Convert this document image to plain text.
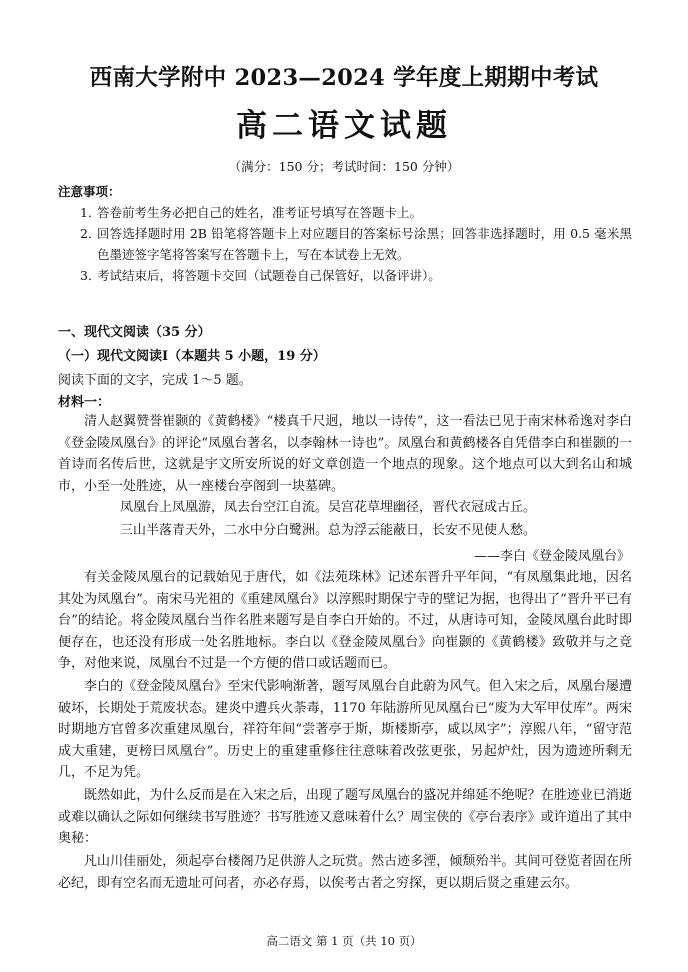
西南大学附中 2023—2024 学年度上期期中考试
高二语文试题
（满分：150 分；考试时间：150 分钟）
注意事项：
1．
答卷前考生务必把自己的姓名，准考证号填写在答题卡上。
2．
回答选择题时用 2B 铅笔将答题卡上对应题目的答案标号涂黑；回答非选择题时，用 0.5 毫米黑色墨迹签字笔将答案写在答题卡上，写在本试卷上无效。
3．
考试结束后，将答题卡交回（试题卷自己保管好，以备评讲）。
一、现代文阅读（35 分）
（一）现代文阅读Ⅰ（本题共 5 小题，19 分）
阅读下面的文字，完成 1～5 题。
材料一：

清人赵翼赞誉崔颢的《黄鹤楼》“楼真千尺迥，地以一诗传”，这一看法已见于南宋林希逸对李白《登金陵凤凰台》的评论“凤凰台著名，以李翰林一诗也”。凤凰台和黄鹤楼各自凭借李白和崔颢的一首诗而名传后世，这就是宇文所安所说的好文章创造一个地点的现象。这个地点可以大到名山和城市，小至一处胜迹，从一座楼台亭阁到一块墓碑。

凤凰台上凤凰游，凤去台空江自流。吴宫花草埋幽径，晋代衣冠成古丘。
三山半落青天外，二水中分白鹭洲。总为浮云能蔽日，长安不见使人愁。
——李白《登金陵凤凰台》

有关金陵凤凰台的记载始见于唐代，如《法苑珠林》记述东晋升平年间，“有凤凰集此地，因名其处为凤凰台”。南宋马光祖的《重建凤凰台》以淳熙时期保宁寺的壁记为据，也得出了“晋升平已有台”的结论。将金陵凤凰台当作名胜来题写是自李白开始的。不过，从唐诗可知，金陵凤凰台此时即便存在，也还没有形成一处名胜地标。李白以《登金陵凤凰台》向崔颢的《黄鹤楼》致敬并与之竞争，对他来说，凤凰台不过是一个方便的借口或话题而已。

李白的《登金陵凤凰台》至宋代影响渐著，题写凤凰台自此蔚为风气。但入宋之后，凤凰台屡遭破坏，长期处于荒废状态。建炎中遭兵火荼毒，1170 年陆游所见凤凰台已“废为大军甲仗库”。两宋时期地方官曾多次重建凤凰台，祥符年间“尝著亭于斯，斯楼斯亭，咸以凤字”；淳熙八年，“留守范成大重建，更榜曰凤凰台”。历史上的重建重修往往意味着改弦更张，另起炉灶，因为遗迹所剩无几，不足为凭。

既然如此，为什么反而是在入宋之后，出现了题写凤凰台的盛况并绵延不绝呢？在胜迹业已消逝或难以确认之际如何继续书写胜迹？书写胜迹又意味着什么？周宝侠的《亭台表序》或许道出了其中奥秘：

凡山川佳丽处，须起亭台楼阁乃足供游人之玩赏。然古迹多湮，倾颓殆半。其间可登览者固在所必纪，即有空名而无遗址可问者，亦必存焉，以俟考古者之穷探，更以期后贤之重建云尔。

高二语文 第 1 页（共 10 页）
